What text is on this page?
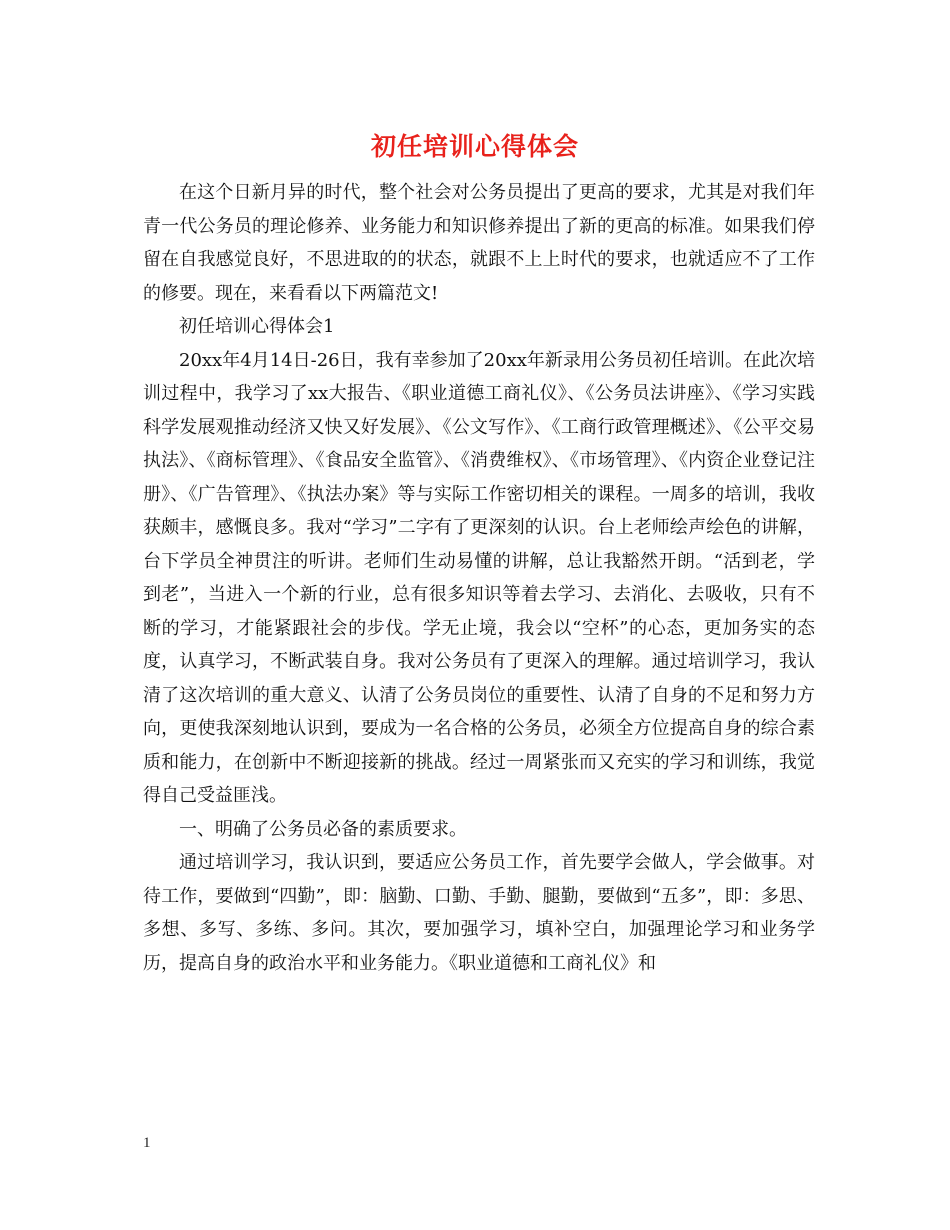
初任培训心得体会

在这个日新月异的时代，整个社会对公务员提出了更高的要求，尤其是对我们年青一代公务员的理论修养、业务能力和知识修养提出了新的更高的标准。如果我们停留在自我感觉良好，不思进取的的状态，就跟不上上时代的要求，也就适应不了工作的修要。现在，来看看以下两篇范文!

初任培训心得体会1

20xx年4月14日-26日，我有幸参加了20xx年新录用公务员初任培训。在此次培训过程中，我学习了xx大报告、《职业道德工商礼仪》、《公务员法讲座》、《学习实践科学发展观推动经济又快又好发展》、《公文写作》、《工商行政管理概述》、《公平交易执法》、《商标管理》、《食品安全监管》、《消费维权》、《市场管理》、《内资企业登记注册》、《广告管理》、《执法办案》等与实际工作密切相关的课程。一周多的培训，我收获颇丰，感慨良多。我对“学习”二字有了更深刻的认识。台上老师绘声绘色的讲解，台下学员全神贯注的听讲。老师们生动易懂的讲解，总让我豁然开朗。“活到老，学到老”，当进入一个新的行业，总有很多知识等着去学习、去消化、去吸收，只有不断的学习，才能紧跟社会的步伐。学无止境，我会以“空杯”的心态，更加务实的态度，认真学习，不断武装自身。我对公务员有了更深入的理解。通过培训学习，我认清了这次培训的重大意义、认清了公务员岗位的重要性、认清了自身的不足和努力方向，更使我深刻地认识到，要成为一名合格的公务员，必须全方位提高自身的综合素质和能力，在创新中不断迎接新的挑战。经过一周紧张而又充实的学习和训练，我觉得自己受益匪浅。

一、明确了公务员必备的素质要求。

通过培训学习，我认识到，要适应公务员工作，首先要学会做人，学会做事。对待工作，要做到“四勤”，即：脑勤、口勤、手勤、腿勤，要做到“五多”，即：多思、多想、多写、多练、多问。其次，要加强学习，填补空白，加强理论学习和业务学历，提高自身的政治水平和业务能力。《职业道德和工商礼仪》和

1
